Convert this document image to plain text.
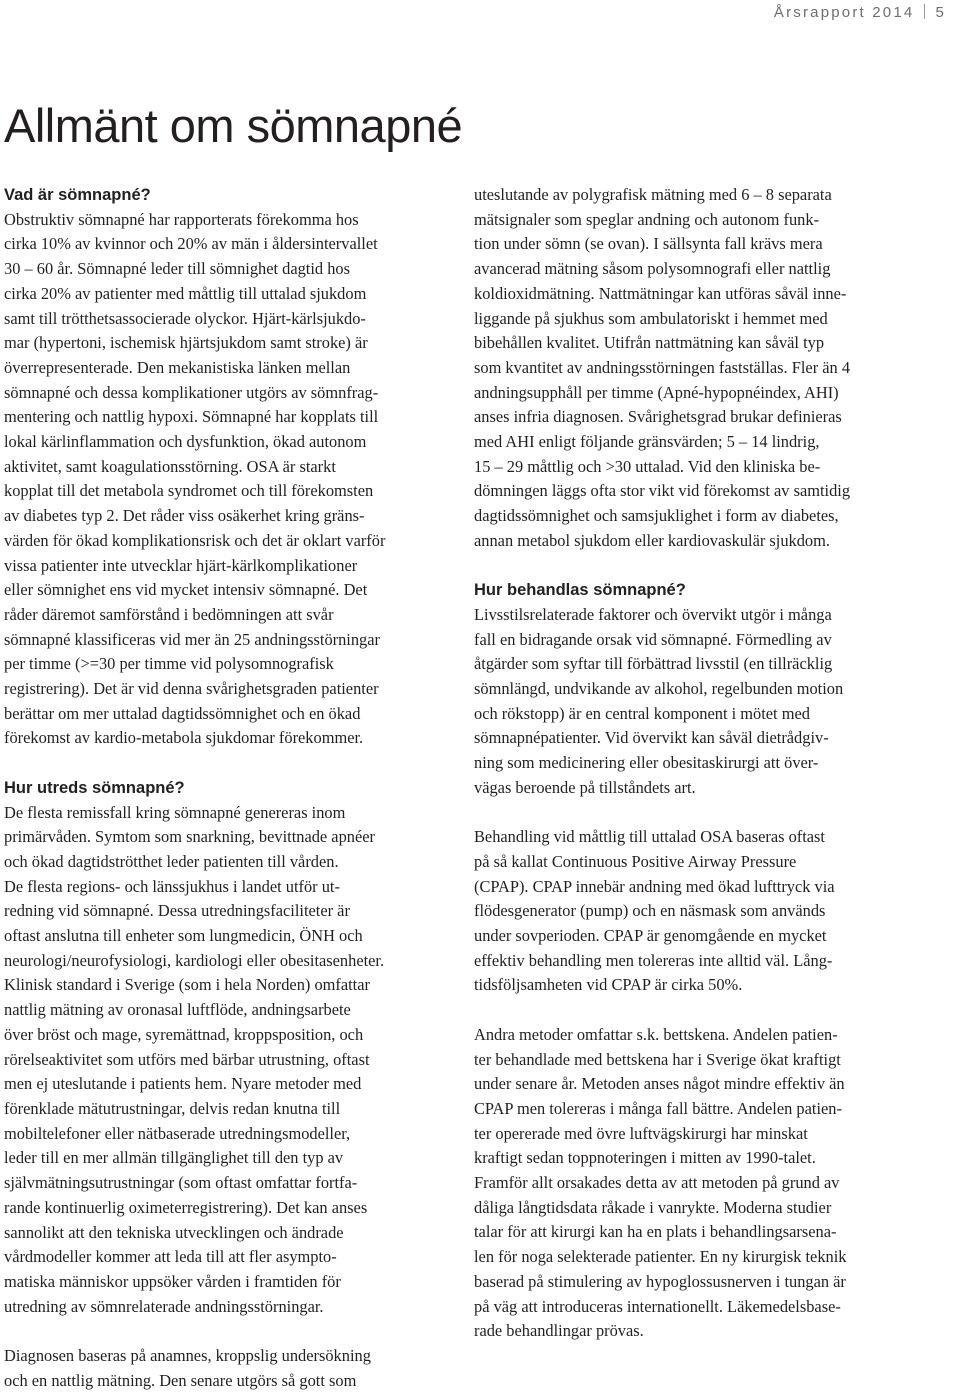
Årsrapport 2014 5
Allmänt om sömnapné
Vad är sömnapné?

Obstruktiv sömnapné har rapporterats förekomma hos
cirka 10% av kvinnor och 20% av män i åldersintervallet
30 – 60 år. Sömnapné leder till sömnighet dagtid hos
cirka 20% av patienter med måttlig till uttalad sjukdom
samt till trötthetsassocierade olyckor. Hjärt-kärlsjukdo-
mar (hypertoni, ischemisk hjärtsjukdom samt stroke) är
överrepresenterade. Den mekanistiska länken mellan
sömnapné och dessa komplikationer utgörs av sömnfrag-
mentering och nattlig hypoxi. Sömnapné har kopplats till
lokal kärlinflammation och dysfunktion, ökad autonom
aktivitet, samt koagulationsstörning. OSA är starkt
kopplat till det metabola syndromet och till förekomsten
av diabetes typ 2. Det råder viss osäkerhet kring gräns-
värden för ökad komplikationsrisk och det är oklart varför
vissa patienter inte utvecklar hjärt-kärlkomplikationer
eller sömnighet ens vid mycket intensiv sömnapné. Det
råder däremot samförstånd i bedömningen att svår
sömnapné klassificeras vid mer än 25 andningsstörningar
per timme (>=30 per timme vid polysomnografisk
registrering). Det är vid denna svårighetsgraden patienter
berättar om mer uttalad dagtidssömnighet och en ökad
förekomst av kardio-metabola sjukdomar förekommer.

Hur utreds sömnapné?

De flesta remissfall kring sömnapné genereras inom
primärvåden. Symtom som snarkning, bevittnade apnéer
och ökad dagtidströtthet leder patienten till vården.
De flesta regions- och länssjukhus i landet utför ut-
redning vid sömnapné. Dessa utredningsfaciliteter är
oftast anslutna till enheter som lungmedicin, ÖNH och
neurologi/neurofysiologi, kardiologi eller obesitasenheter.
Klinisk standard i Sverige (som i hela Norden) omfattar
nattlig mätning av oronasal luftflöde, andningsarbete
över bröst och mage, syremättnad, kroppsposition, och
rörelseaktivitet som utförs med bärbar utrustning, oftast
men ej uteslutande i patients hem. Nyare metoder med
förenklade mätutrustningar, delvis redan knutna till
mobiltelefoner eller nätbaserade utredningsmodeller,
leder till en mer allmän tillgänglighet till den typ av
självmätningsutrustningar (som oftast omfattar fortfa-
rande kontinuerlig oximeterregistrering). Det kan anses
sannolikt att den tekniska utvecklingen och ändrade
vårdmodeller kommer att leda till att fler asympto-
matiska människor uppsöker vården i framtiden för
utredning av sömnrelaterade andningsstörningar.

Diagnosen baseras på anamnes, kroppslig undersökning
och en nattlig mätning. Den senare utgörs så gott som

uteslutande av polygrafisk mätning med 6 – 8 separata
mätsignaler som speglar andning och autonom funk-
tion under sömn (se ovan). I sällsynta fall krävs mera
avancerad mätning såsom polysomnografi eller nattlig
koldioxidmätning. Nattmätningar kan utföras såväl inne-
liggande på sjukhus som ambulatoriskt i hemmet med
bibehållen kvalitet. Utifrån nattmätning kan såväl typ
som kvantitet av andningsstörningen fastställas. Fler än 4
andningsupphåll per timme (Apné-hypopnéindex, AHI)
anses infria diagnosen. Svårighetsgrad brukar definieras
med AHI enligt följande gränsvärden; 5 – 14 lindrig,
15 – 29 måttlig och >30 uttalad. Vid den kliniska be-
dömningen läggs ofta stor vikt vid förekomst av samtidig
dagtidssömnighet och samsjuklighet i form av diabetes,
annan metabol sjukdom eller kardiovaskulär sjukdom.

Hur behandlas sömnapné?

Livsstilsrelaterade faktorer och övervikt utgör i många
fall en bidragande orsak vid sömnapné. Förmedling av
åtgärder som syftar till förbättrad livsstil (en tillräcklig
sömnlängd, undvikande av alkohol, regelbunden motion
och rökstopp) är en central komponent i mötet med
sömnapnépatienter. Vid övervikt kan såväl dietrådgiv-
ning som medicinering eller obesitaskirurgi att över-
vägas beroende på tillståndets art.

Behandling vid måttlig till uttalad OSA baseras oftast
på så kallat Continuous Positive Airway Pressure
(CPAP). CPAP innebär andning med ökad lufttryck via
flödesgenerator (pump) och en näsmask som används
under sovperioden. CPAP är genomgående en mycket
effektiv behandling men tolereras inte alltid väl. Lång-
tidsföljsamheten vid CPAP är cirka 50%.

Andra metoder omfattar s.k. bettskena. Andelen patien-
ter behandlade med bettskena har i Sverige ökat kraftigt
under senare år. Metoden anses något mindre effektiv än
CPAP men tolereras i många fall bättre. Andelen patien-
ter opererade med övre luftvägskirurgi har minskat
kraftigt sedan toppnoteringen i mitten av 1990-talet.
Framför allt orsakades detta av att metoden på grund av
dåliga långtidsdata råkade i vanrykte. Moderna studier
talar för att kirurgi kan ha en plats i behandlingsarsena-
len för noga selekterade patienter. En ny kirurgisk teknik
baserad på stimulering av hypoglossusnerven i tungan är
på väg att introduceras internationellt. Läkemedelsbase-
rade behandlingar prövas.
